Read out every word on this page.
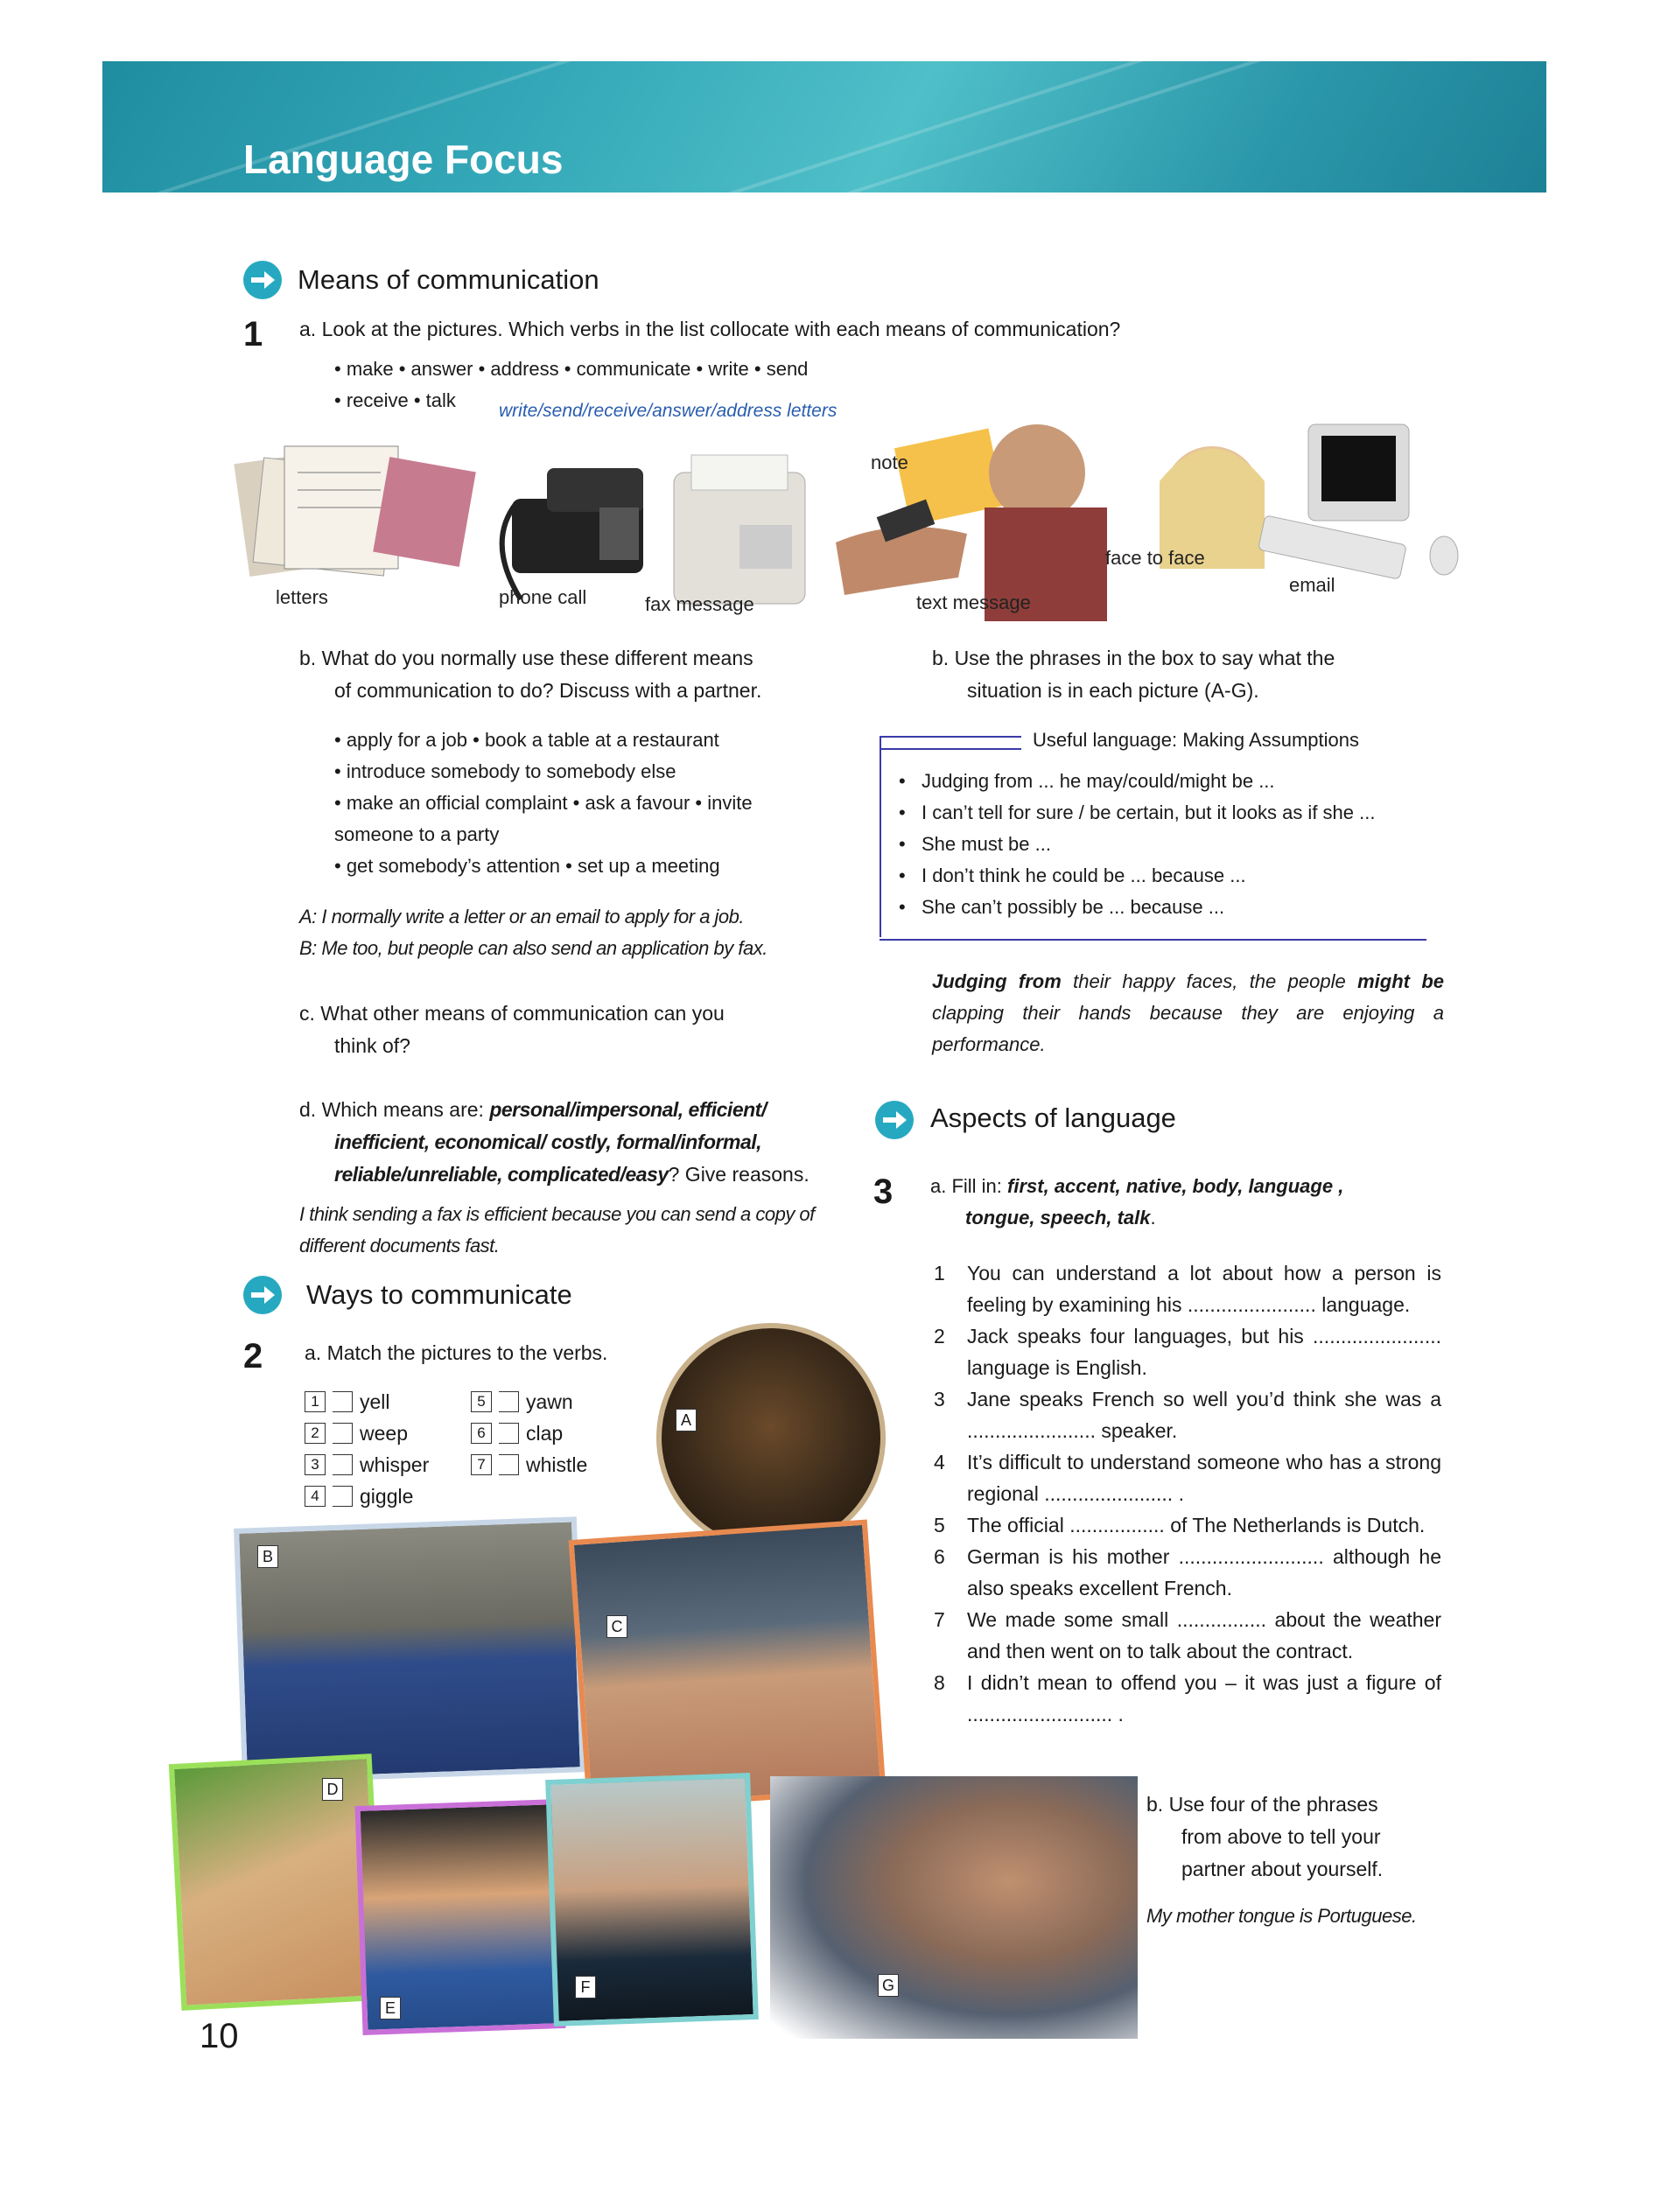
Language Focus
Means of communication
1 a. Look at the pictures. Which verbs in the list collocate with each means of communication?
• make • answer • address • communicate • write • send
• receive • talk write/send/receive/answer/address letters
letters	phone call	fax message
note
text message
face to face
email
b. What do you normally use these different means
of communication to do? Discuss with a partner.
• apply for a job • book a table at a restaurant
• introduce somebody to somebody else
• make an official complaint • ask a favour • invite
someone to a party
• get somebody’s attention • set up a meeting
A: I normally write a letter or an email to apply for a job.
B: Me too, but people can also send an application by fax.
c. What other means of communication can you
think of?
d. Which means are: personal/impersonal, efficient/
inefficient, economical/ costly, formal/informal,
reliable/unreliable, complicated/easy? Give reasons.
I think sending a fax is efficient because you can send a copy of
different documents fast.
b. Use the phrases in the box to say what the
situation is in each picture (A-G).
Useful language: Making Assumptions
• Judging from ... he may/could/might be ...
• I can’t tell for sure / be certain, but it looks as if she ...
• She must be ...
• I don’t think he could be ... because ...
• She can’t possibly be ... because ...
Judging from their happy faces, the people might be clapping their hands because they are enjoying a performance.
Aspects of language
3 a. Fill in: first, accent, native, body, language ,
tongue, speech, talk.
1	You can understand a lot about how a person is feeling by examining his ....................... language.
2	Jack speaks four languages, but his ....................... language is English.
3	Jane speaks French so well you’d think she was a ....................... speaker.
4	It’s difficult to understand someone who has a strong regional ....................... .
5	The official ................. of The Netherlands is Dutch.
6	German is his mother .......................... although he also speaks excellent French.
7	We made some small ................ about the weather and then went on to talk about the contract.
8	I didn’t mean to offend you – it was just a figure of .......................... .
b. Use four of the phrases
from above to tell your
partner about yourself.
My mother tongue is Portuguese.
Ways to communicate
2 a. Match the pictures to the verbs.
1	yell
2	weep
3	whisper
4	giggle
5	yawn
6	clap
7	whistle
A
B
C
D
E
F	G
10
